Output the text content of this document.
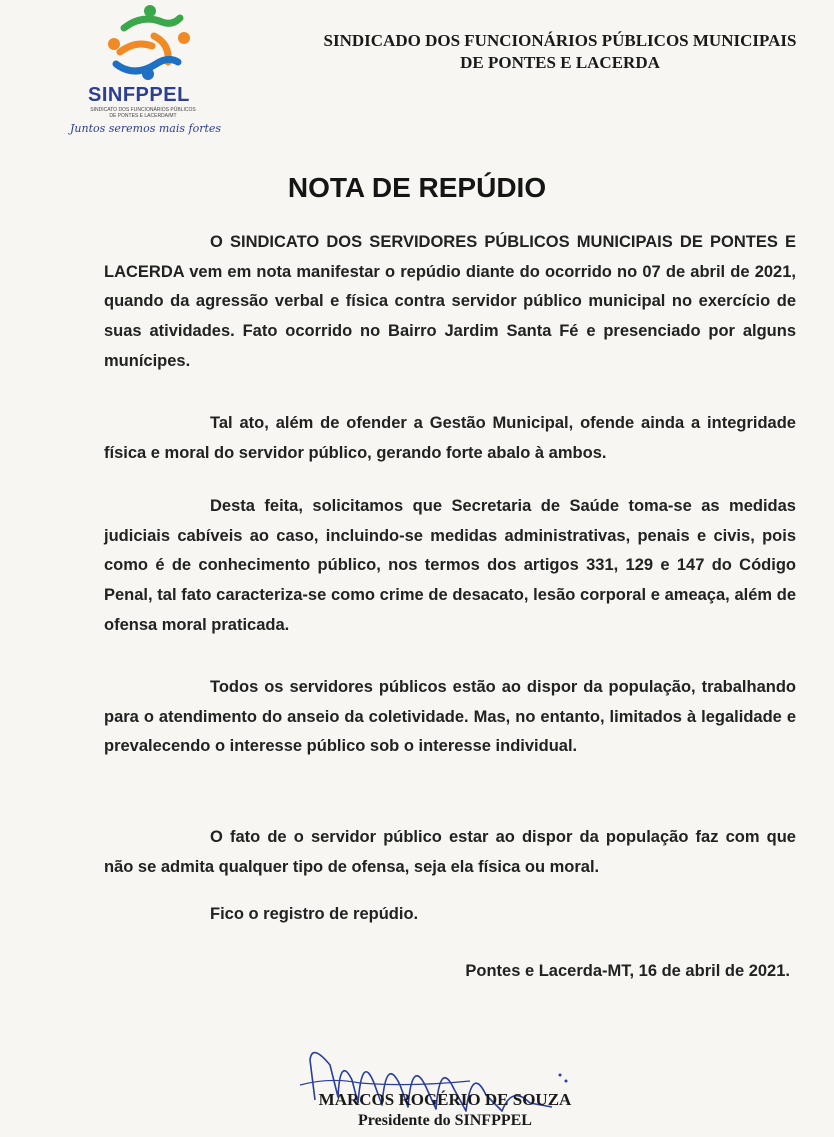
SINFPPEL
SINDICATO DOS FUNCIONÁRIOS PÚBLICOS DE PONTES E LACERDA/MT
Juntos seremos mais fortes
SINDICADO DOS FUNCIONÁRIOS PÚBLICOS MUNICIPAIS
DE PONTES E LACERDA
NOTA DE REPÚDIO

O SINDICATO DOS SERVIDORES PÚBLICOS MUNICIPAIS DE PONTES E LACERDA vem em nota manifestar o repúdio diante do ocorrido no 07 de abril de 2021, quando da agressão verbal e física contra servidor público municipal no exercício de suas atividades. Fato ocorrido no Bairro Jardim Santa Fé e presenciado por alguns munícipes.

Tal ato, além de ofender a Gestão Municipal, ofende ainda a integridade física e moral do servidor público, gerando forte abalo à ambos.

Desta feita, solicitamos que Secretaria de Saúde toma-se as medidas judiciais cabíveis ao caso, incluindo-se medidas administrativas, penais e civis, pois como é de conhecimento público, nos termos dos artigos 331, 129 e 147 do Código Penal, tal fato caracteriza-se como crime de desacato, lesão corporal e ameaça, além de ofensa moral praticada.

Todos os servidores públicos estão ao dispor da população, trabalhando para o atendimento do anseio da coletividade. Mas, no entanto, limitados à legalidade e prevalecendo o interesse público sob o interesse individual.

O fato de o servidor público estar ao dispor da população faz com que não se admita qualquer tipo de ofensa, seja ela física ou moral.

Fico o registro de repúdio.

Pontes e Lacerda-MT, 16 de abril de 2021.
MARCOS ROGÉRIO DE SOUZA
Presidente do SINFPPEL
